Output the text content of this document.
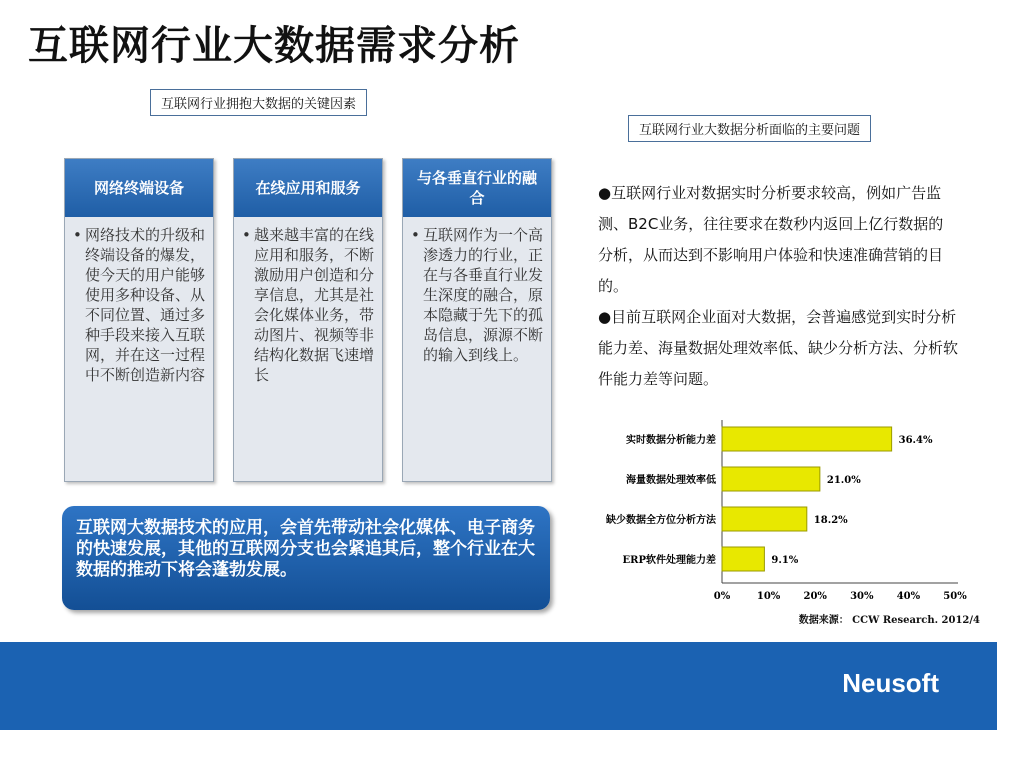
互联网行业大数据需求分析
互联网行业拥抱大数据的关键因素
互联网行业大数据分析面临的主要问题
网络终端设备
• 网络技术的升级和终端设备的爆发，使今天的用户能够使用多种设备、从不同位置、通过多种手段来接入互联网，并在这一过程中不断创造新内容
在线应用和服务
• 越来越丰富的在线应用和服务，不断激励用户创造和分享信息，尤其是社会化媒体业务，带动图片、视频等非结构化数据飞速增长
与各垂直行业的融合
• 互联网作为一个高渗透力的行业，正在与各垂直行业发生深度的融合，原本隐藏于先下的孤岛信息，源源不断的输入到线上。
互联网大数据技术的应用，会首先带动社会化媒体、电子商务的快速发展，其他的互联网分支也会紧追其后，整个行业在大数据的推动下将会蓬勃发展。
●互联网行业对数据实时分析要求较高，例如广告监测、B2C业务，往往要求在数秒内返回上亿行数据的分析，从而达到不影响用户体验和快速准确营销的目的。
●目前互联网企业面对大数据，会普遍感觉到实时分析能力差、海量数据处理效率低、缺少分析方法、分析软件能力差等问题。
实时数据分析能力差	36.4%
海量数据处理效率低	21.0%
缺少数据全方位分析方法	18.2%
ERP软件处理能力差	9.1%
0%	10% 20% 30% 40% 50%
数据来源： CCW Research. 2012/4
Neusoft
